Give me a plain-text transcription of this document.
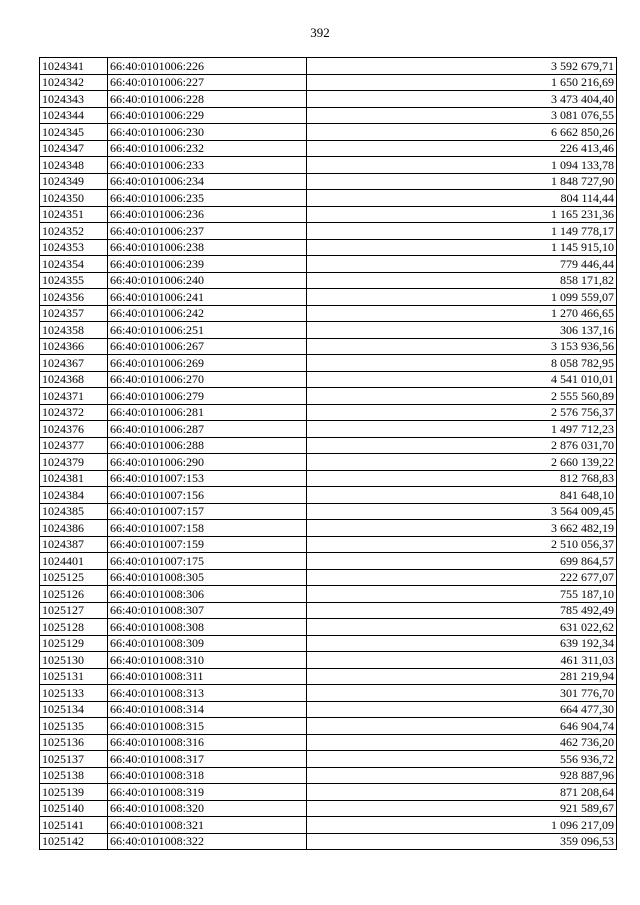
392
1024341	66:40:0101006:226	3 592 679,71
1024342	66:40:0101006:227	1 650 216,69
1024343	66:40:0101006:228	3 473 404,40
1024344	66:40:0101006:229	3 081 076,55
1024345	66:40:0101006:230	6 662 850,26
1024347	66:40:0101006:232	226 413,46
1024348	66:40:0101006:233	1 094 133,78
1024349	66:40:0101006:234	1 848 727,90
1024350	66:40:0101006:235	804 114,44
1024351	66:40:0101006:236	1 165 231,36
1024352	66:40:0101006:237	1 149 778,17
1024353	66:40:0101006:238	1 145 915,10
1024354	66:40:0101006:239	779 446,44
1024355	66:40:0101006:240	858 171,82
1024356	66:40:0101006:241	1 099 559,07
1024357	66:40:0101006:242	1 270 466,65
1024358	66:40:0101006:251	306 137,16
1024366	66:40:0101006:267	3 153 936,56
1024367	66:40:0101006:269	8 058 782,95
1024368	66:40:0101006:270	4 541 010,01
1024371	66:40:0101006:279	2 555 560,89
1024372	66:40:0101006:281	2 576 756,37
1024376	66:40:0101006:287	1 497 712,23
1024377	66:40:0101006:288	2 876 031,70
1024379	66:40:0101006:290	2 660 139,22
1024381	66:40:0101007:153	812 768,83
1024384	66:40:0101007:156	841 648,10
1024385	66:40:0101007:157	3 564 009,45
1024386	66:40:0101007:158	3 662 482,19
1024387	66:40:0101007:159	2 510 056,37
1024401	66:40:0101007:175	699 864,57
1025125	66:40:0101008:305	222 677,07
1025126	66:40:0101008:306	755 187,10
1025127	66:40:0101008:307	785 492,49
1025128	66:40:0101008:308	631 022,62
1025129	66:40:0101008:309	639 192,34
1025130	66:40:0101008:310	461 311,03
1025131	66:40:0101008:311	281 219,94
1025133	66:40:0101008:313	301 776,70
1025134	66:40:0101008:314	664 477,30
1025135	66:40:0101008:315	646 904,74
1025136	66:40:0101008:316	462 736,20
1025137	66:40:0101008:317	556 936,72
1025138	66:40:0101008:318	928 887,96
1025139	66:40:0101008:319	871 208,64
1025140	66:40:0101008:320	921 589,67
1025141	66:40:0101008:321	1 096 217,09
1025142	66:40:0101008:322	359 096,53
